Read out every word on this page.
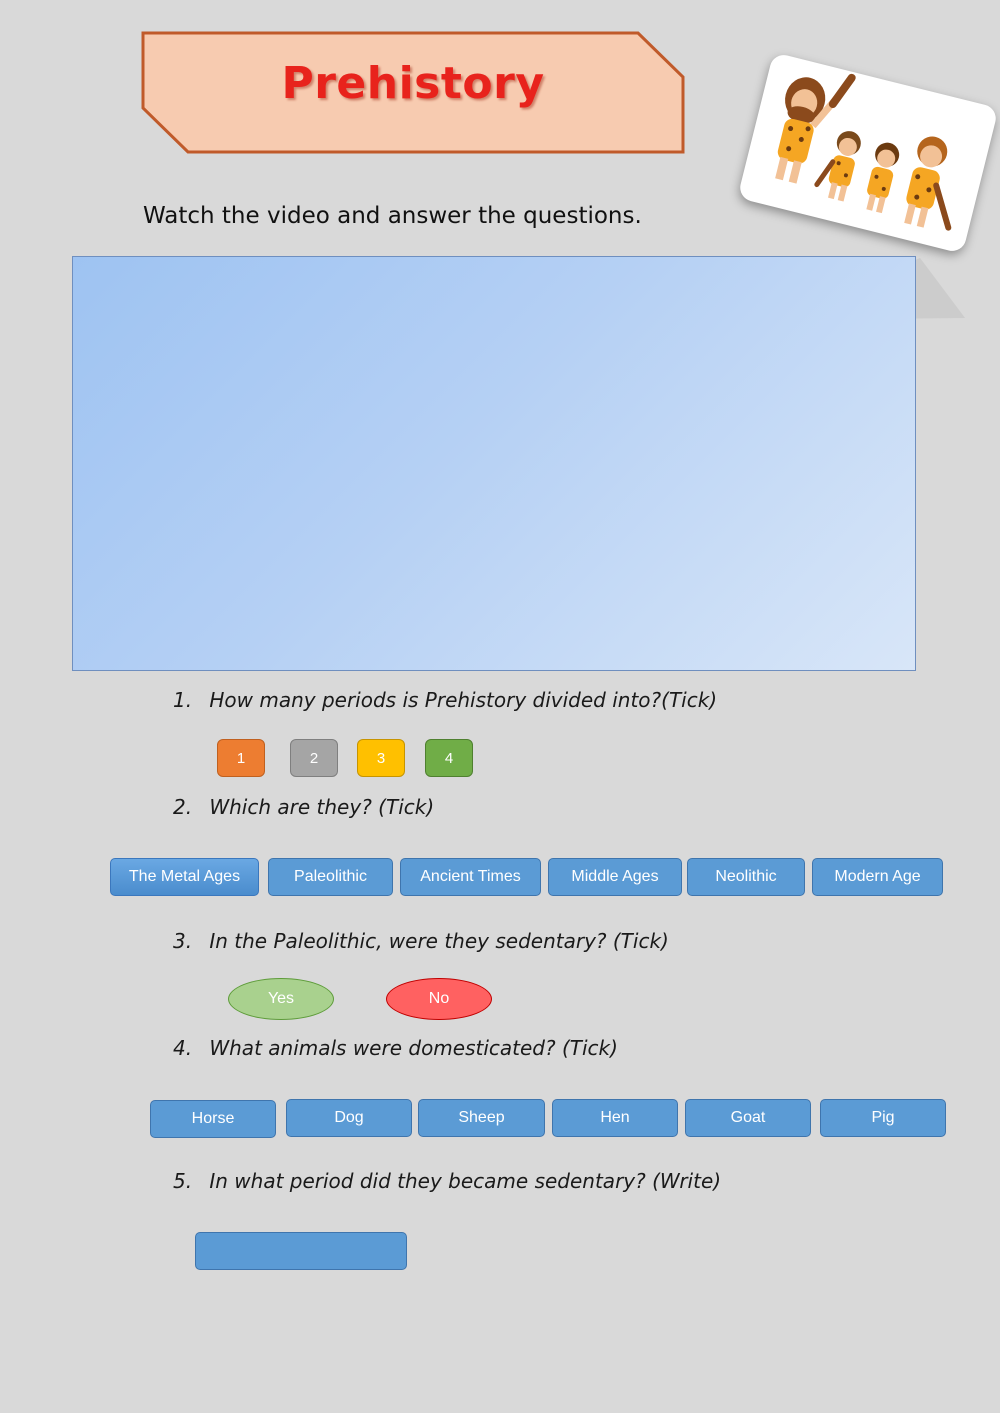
Prehistory
Watch the video and answer the questions.
1. How many periods is Prehistory divided into?(Tick)
1	2	3	4
2. Which are they? (Tick)
The Metal Ages	Paleolithic	Ancient Times	Middle Ages	Neolithic	Modern Age
3. In the Paleolithic, were they sedentary? (Tick)
Yes	No
4. What animals were domesticated? (Tick)
Horse	Dog	Sheep	Hen	Goat	Pig
5. In what period did they became sedentary? (Write)
